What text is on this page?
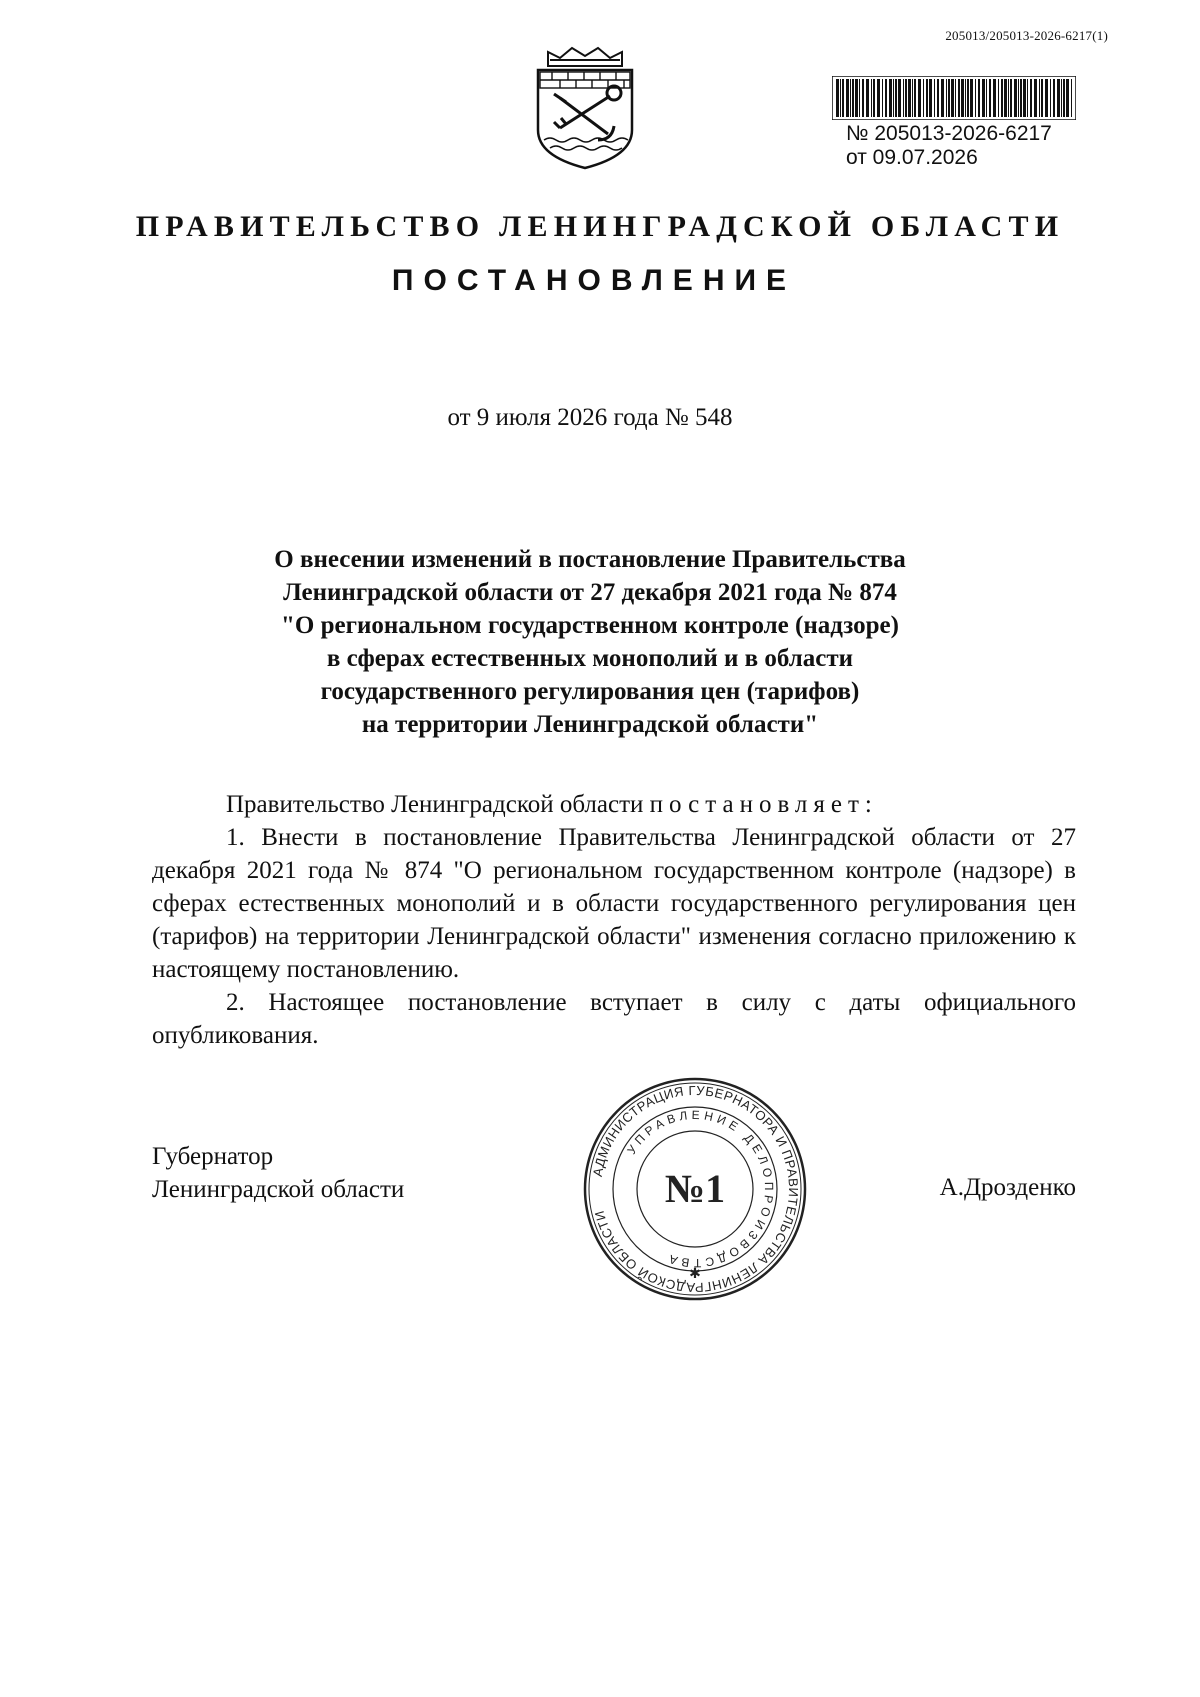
205013/205013-2026-6217(1)
№ 205013-2026-6217
от 09.07.2026
ПРАВИТЕЛЬСТВО ЛЕНИНГРАДСКОЙ ОБЛАСТИ
ПОСТАНОВЛЕНИЕ
от 9 июля 2026 года № 548
О внесении изменений в постановление Правительства
Ленинградской области от 27 декабря 2021 года № 874
"О региональном государственном контроле (надзоре)
в сферах естественных монополий и в области
государственного регулирования цен (тарифов)
на территории Ленинградской области"

Правительство Ленинградской области постановляет:

1. Внести в постановление Правительства Ленинградской области от 27 декабря 2021 года № 874 "О региональном государственном контроле (надзоре) в сферах естественных монополий и в области государственного регулирования цен (тарифов) на территории Ленинградской области" изменения согласно приложению к настоящему постановлению.

2. Настоящее постановление вступает в силу с даты официального опубликования.

Губернатор
Ленинградской области	А.Дрозденко
АДМИНИСТРАЦИЯ ГУБЕРНАТОРА И ПРАВИТЕЛЬСТВА ЛЕНИНГРАДСКОЙ ОБЛАСТИ
УПРАВЛЕНИЕ ДЕЛОПРОИЗВОДСТВА
№1
✱
